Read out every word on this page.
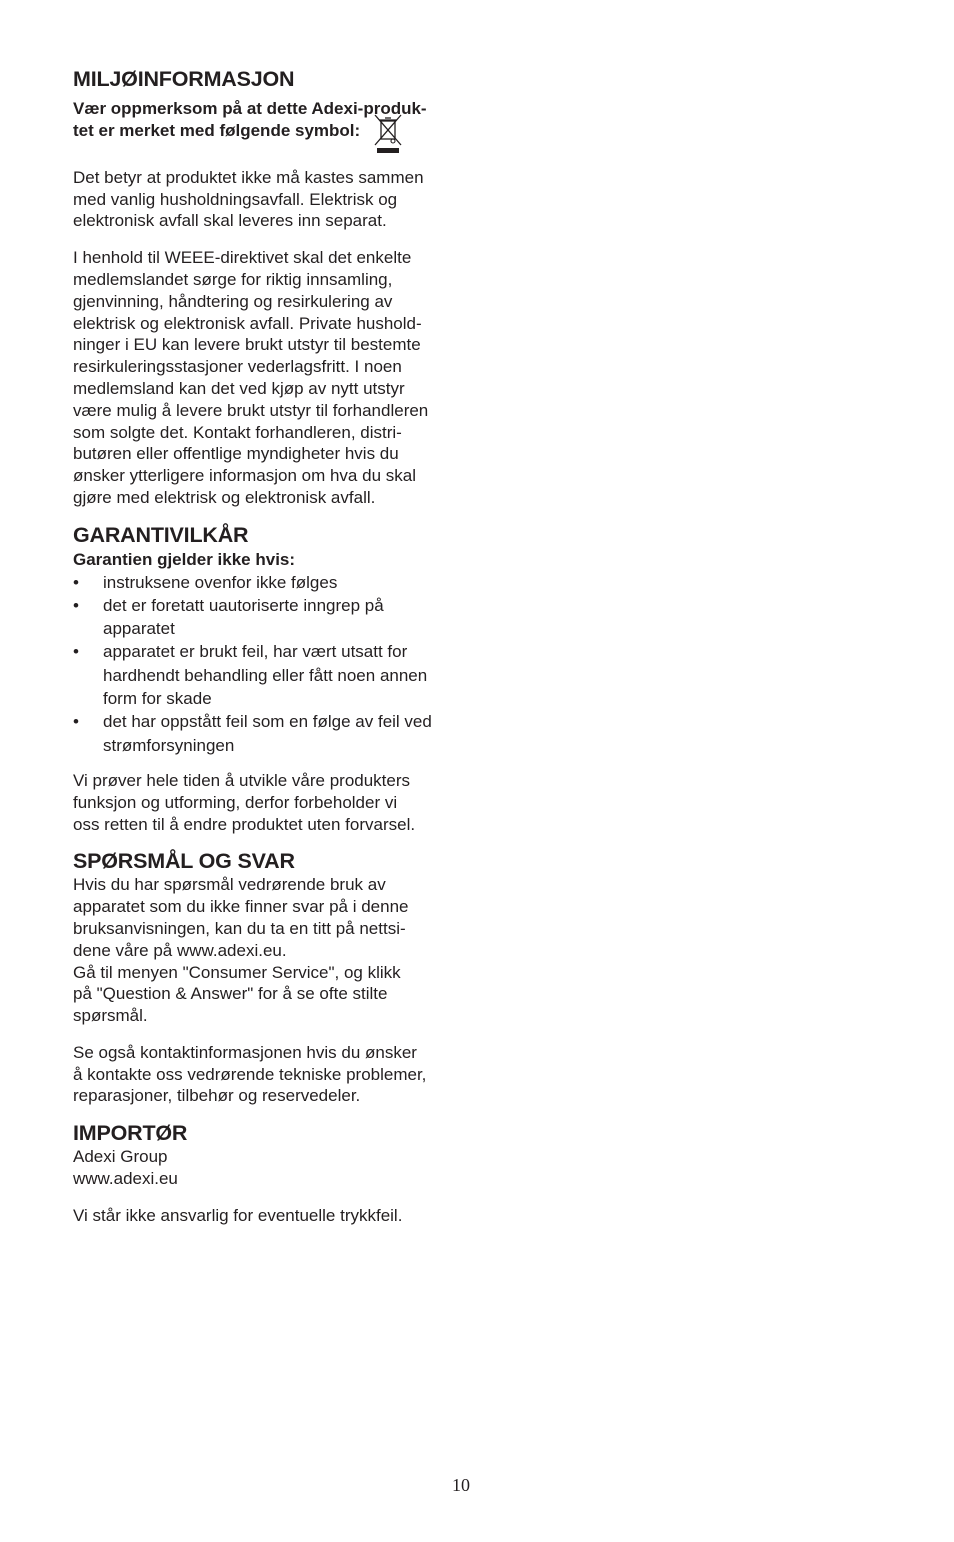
MILJØINFORMASJON
Vær oppmerksom på at dette Adexi-produk-
tet er merket med følgende symbol:
Det betyr at produktet ikke må kastes sammen
med vanlig husholdningsavfall. Elektrisk og
elektronisk avfall skal leveres inn separat.
I henhold til WEEE-direktivet skal det enkelte
medlemslandet sørge for riktig innsamling,
gjenvinning, håndtering og resirkulering av
elektrisk og elektronisk avfall. Private hushold-
ninger i EU kan levere brukt utstyr til bestemte
resirkuleringsstasjoner vederlagsfritt. I noen
medlemsland kan det ved kjøp av nytt utstyr
være mulig å levere brukt utstyr til forhandleren
som solgte det. Kontakt forhandleren, distri-
butøren eller offentlige myndigheter hvis du
ønsker ytterligere informasjon om hva du skal
gjøre med elektrisk og elektronisk avfall.
GARANTIVILKÅR
Garantien gjelder ikke hvis:
• instruksene ovenfor ikke følges
• det er foretatt uautoriserte inngrep på
apparatet
• apparatet er brukt feil, har vært utsatt for
hardhendt behandling eller fått noen annen
form for skade
• det har oppstått feil som en følge av feil ved
strømforsyningen
Vi prøver hele tiden å utvikle våre produkters
funksjon og utforming, derfor forbeholder vi
oss retten til å endre produktet uten forvarsel.
SPØRSMÅL OG SVAR
Hvis du har spørsmål vedrørende bruk av
apparatet som du ikke finner svar på i denne
bruksanvisningen, kan du ta en titt på nettsi-
dene våre på www.adexi.eu.
Gå til menyen "Consumer Service", og klikk
på "Question & Answer" for å se ofte stilte
spørsmål.
Se også kontaktinformasjonen hvis du ønsker
å kontakte oss vedrørende tekniske problemer,
reparasjoner, tilbehør og reservedeler.
IMPORTØR
Adexi Group
www.adexi.eu
Vi står ikke ansvarlig for eventuelle trykkfeil.
10
